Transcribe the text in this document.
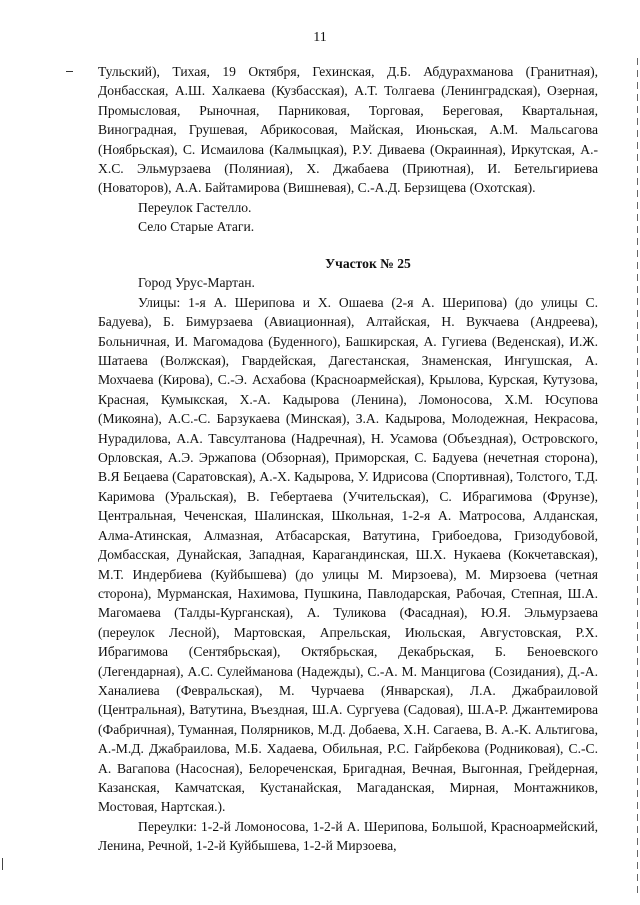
11

Тульский), Тихая, 19 Октября, Гехинская, Д.Б. Абдурахманова (Гранитная), Донбасская, А.Ш. Халкаева (Кузбасская), А.Т. Толгаева (Ленинградская), Озерная, Промысловая, Рыночная, Парниковая, Торговая, Береговая, Квартальная, Виноградная, Грушевая, Абрикосовая, Майская, Июньская, А.М. Мальсагова (Ноябрьская), С. Исмаилова (Калмыцкая), Р.У. Дивaева (Окраинная), Иркутская, А.-Х.С. Эльмурзаева (Поляниая), Х. Джабаева (Приютная), И. Бетельгириева (Новаторов), А.А. Байтамирова (Вишневая), С.-А.Д. Берзищева (Охотская).

Переулок Гастелло.

Село Старые Атаги.

Участок № 25

Город Урус-Мартан.

Улицы: 1-я А. Шерипова и Х. Ошаева (2-я А. Шерипова) (до улицы С. Бадуева), Б. Бимурзаева (Авиационная), Алтайская, Н. Вукчаева (Андреева), Больничная, И. Магомадова (Буденного), Башкирская, А. Гугиева (Веденская), И.Ж. Шатаева (Волжская), Гвардейская, Дагестанская, Знаменская, Ингушская, А. Мохчаева (Кирова), С.-Э. Асхабова (Красноармейская), Крылова, Курская, Кутузова, Красная, Кумыкская, Х.-А. Кадырова (Ленина), Ломоносова, Х.М. Юсупова (Микояна), А.С.-С. Барзукаева (Минская), З.А. Кадырова, Молодежная, Некрасова, Нурадилова, А.А. Тавсултанова (Надречная), Н. Усамова (Объездная), Островского, Орловская, А.Э. Эржапова (Обзорная), Приморская, С. Бадуева (нечетная сторона), В.Я Бецаева (Саратовская), А.-Х. Кадырова, У. Идрисова (Спортивная), Толстого, Т.Д. Каримова (Уральская), В. Гебертаева (Учительская), С. Ибрагимова (Фрунзе), Центральная, Чеченская, Шалинская, Школьная, 1-2-я А. Матросова, Алданская, Алма-Атинская, Алмазная, Атбасарская, Ватутина, Грибоедова, Гризодубовой, Домбасская, Дунайская, Западная, Карагандинская, Ш.Х. Нукаева (Кокчетавская), М.Т. Индербиева (Куйбышева) (до улицы М. Мирзоева), М. Мирзоева (четная сторона), Мурманская, Нахимова, Пушкина, Павлодарская, Рабочая, Степная, Ш.А. Магомаева (Талды-Курганская), А. Туликова (Фасадная), Ю.Я. Эльмурзаева (переулок Лесной), Мартовская, Апрельская, Июльская, Августовская, Р.Х. Ибрагимова (Сентябрьская), Октябрьская, Декабрьская, Б. Беноевского (Легендарная), А.С. Сулейманова (Надежды), С.-А. М. Манцигова (Созидания), Д.-А. Ханалиева (Февральская), М. Чурчаева (Январская), Л.А. Джабраиловой (Центральная), Ватутина, Въездная, Ш.А. Сургуева (Садовая), Ш.А-Р. Джантемирова (Фабричная), Туманная, Полярников, М.Д. Добаева, Х.Н. Сагаева, В. А.-К. Альтигова, А.-М.Д. Джабраилова, М.Б. Хадаева, Обильная, Р.С. Гайрбекова (Родниковая), С.-С. А. Вагапова (Насосная), Белореченская, Бригадная, Вечная, Выгонная, Грейдерная, Казанская, Камчатская, Кустанайская, Магаданская, Мирная, Монтажников, Мостовая, Нартская.).

Переулки: 1-2-й Ломоносова, 1-2-й А. Шерипова, Большой, Красноармейский, Ленина, Речной, 1-2-й Куйбышева, 1-2-й Мирзоева,
